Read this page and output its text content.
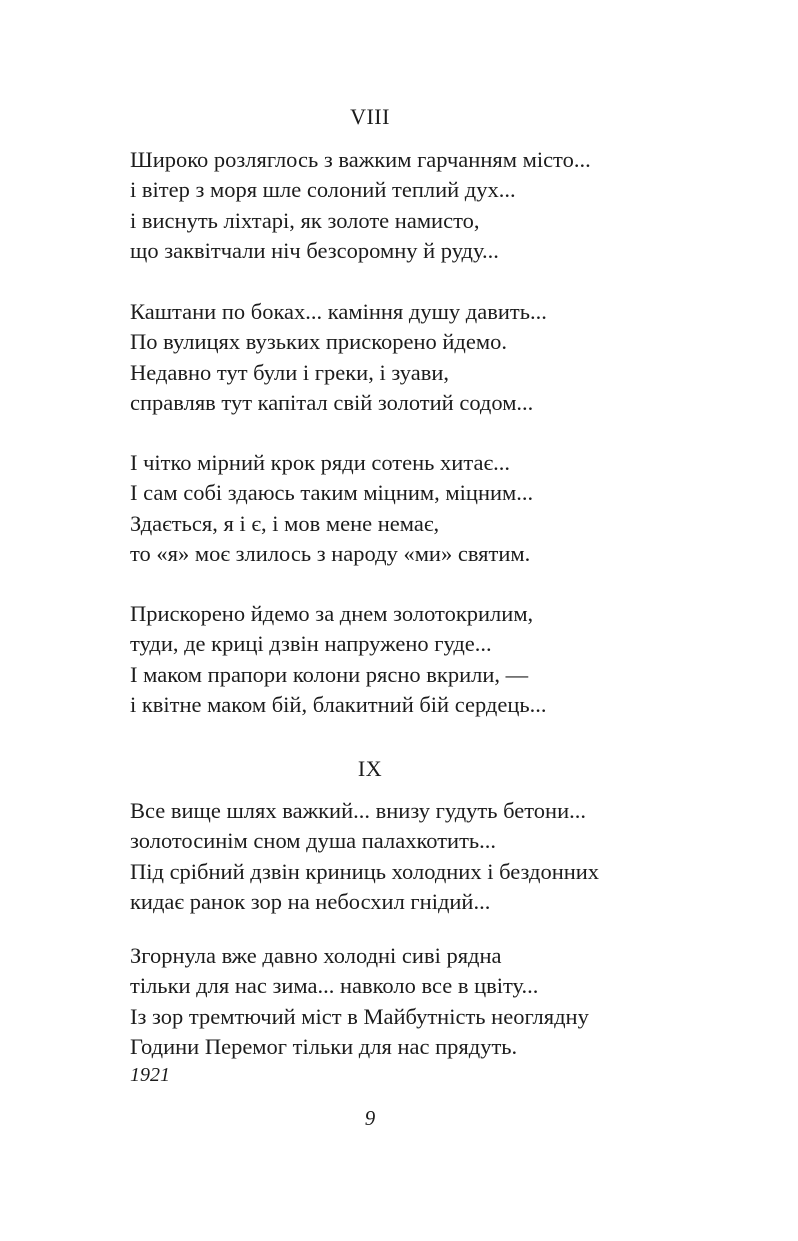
VIII
Широко розляглось з важким гарчанням місто...
і вітер з моря шле солоний теплий дух...
і виснуть ліхтарі, як золоте намисто,
що заквітчали ніч безсоромну й руду...
Каштани по боках... каміння душу давить...
По вулицях вузьких прискорено йдемо.
Недавно тут були і греки, і зуави,
справляв тут капітал свій золотий содом...
І чітко мірний крок ряди сотень хитає...
І сам собі здаюсь таким міцним, міцним...
Здається, я і є, і мов мене немає,
то «я» моє злилось з народу «ми» святим.
Прискорено йдемо за днем золотокрилим,
туди, де криці дзвін напружено гуде...
І маком прапори колони рясно вкрили, —
і квітне маком бій, блакитний бій сердець...
IX
Все вище шлях важкий... внизу гудуть бетони...
золотосинім сном душа палахкотить...
Під срібний дзвін криниць холодних і бездонних
кидає ранок зор на небосхил гнідий...
Згорнула вже давно холодні сиві рядна
тільки для нас зима... навколо все в цвіту...
Із зор тремтючий міст в Майбутність неоглядну
Години Перемог тільки для нас прядуть.
1921
9
